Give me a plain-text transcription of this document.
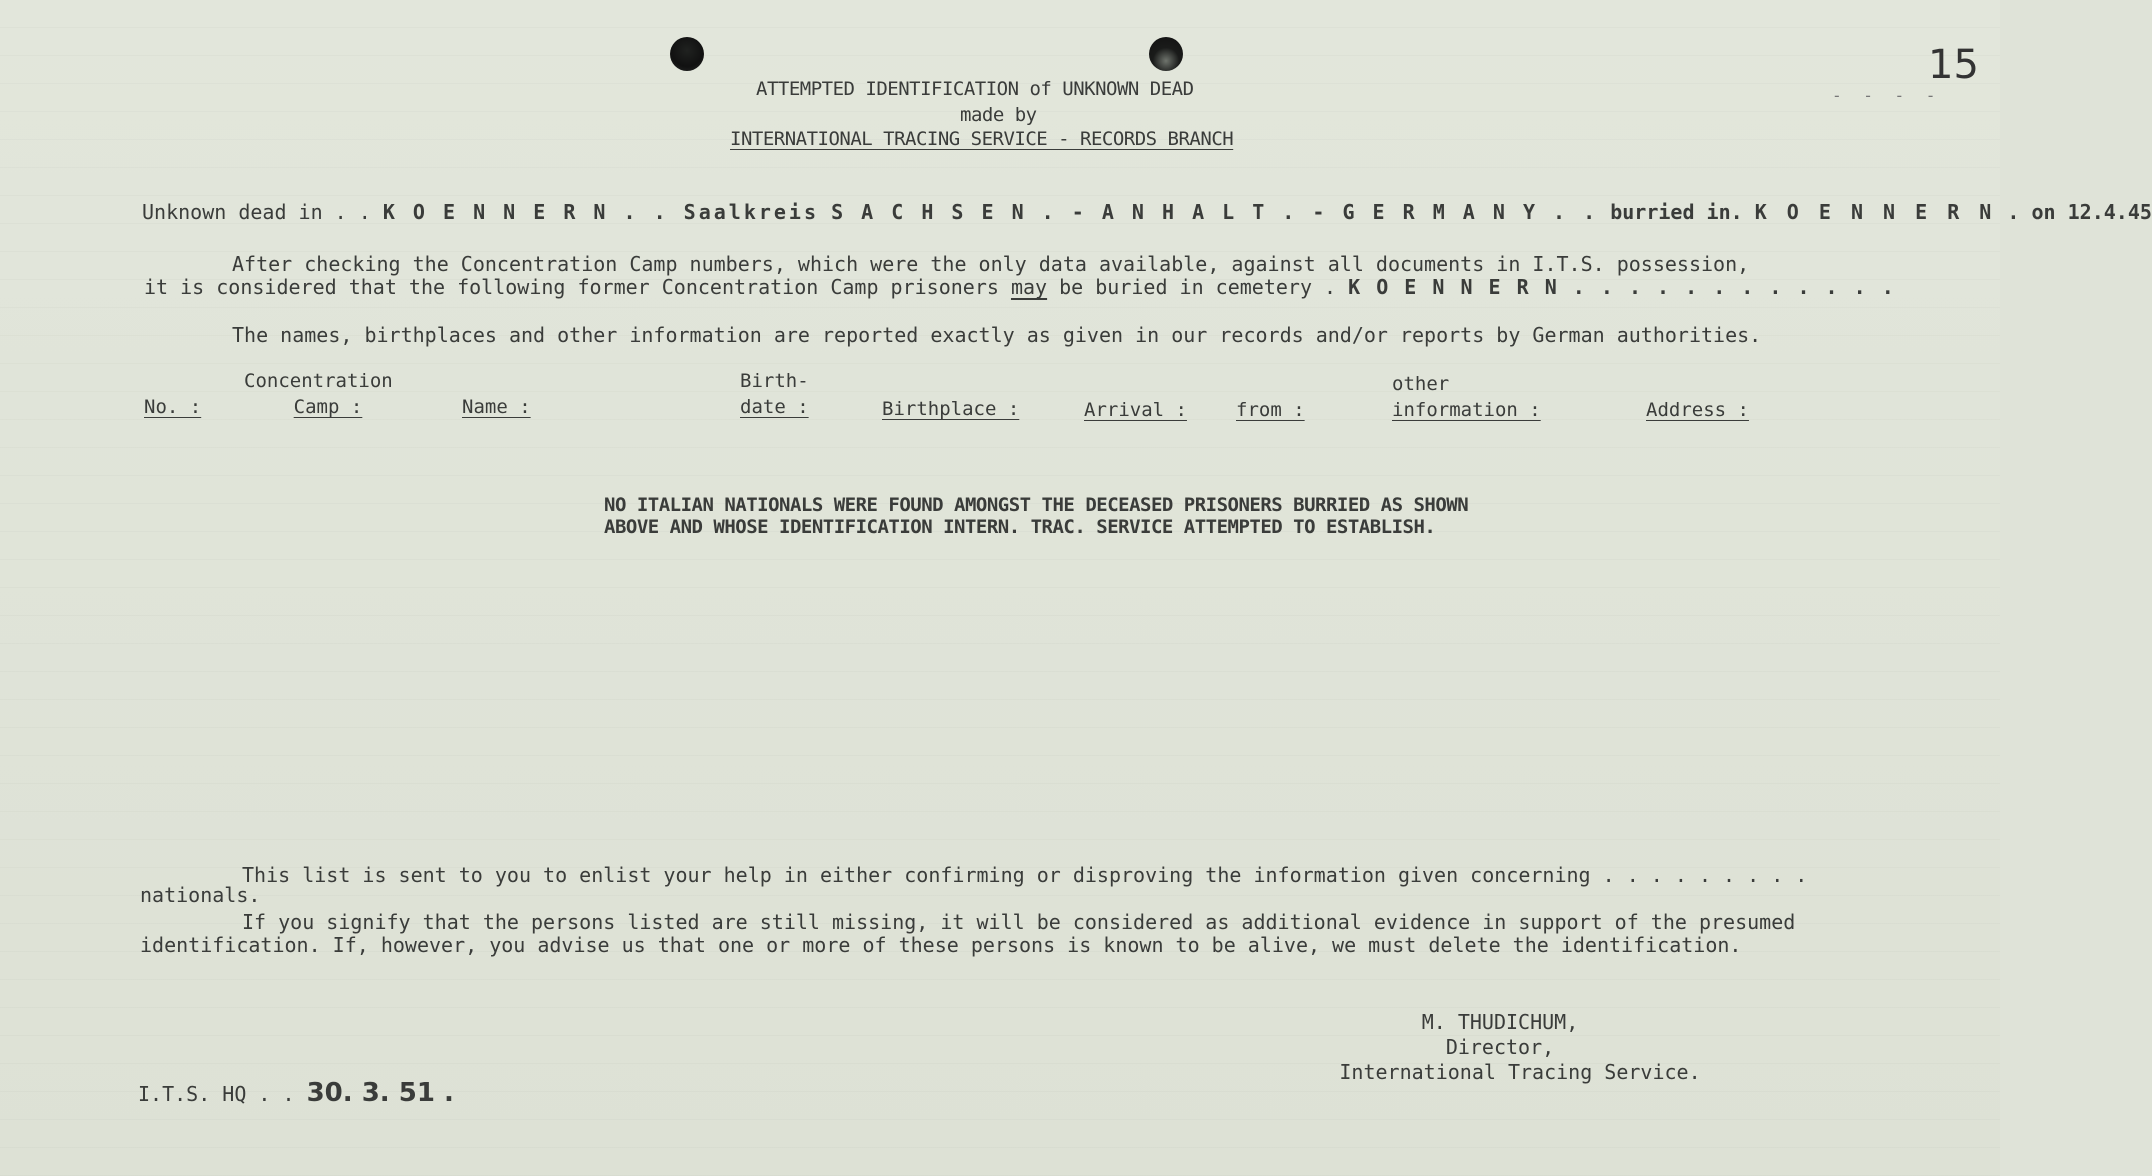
15
- - - -
ATTEMPTED IDENTIFICATION of UNKNOWN DEAD
made by
INTERNATIONAL TRACING SERVICE - RECORDS BRANCH
Unknown dead in . . K O E N N E R N . . Saalkreis S A C H S E N . - A N H A L T . - G E R M A N Y . . burried in. K O E N N E R N . on 12.4.45
After checking the Concentration Camp numbers, which were the only data available, against all documents in I.T.S. possession,
it is considered that the following former Concentration Camp prisoners may be buried in cemetery . K O E N N E R N . . . . . . . . . . . .
The names, birthplaces and other information are reported exactly as given in our records and/or reports by German authorities.
Concentration	Birth-	other
No. :	Camp :	Name :	date :	Birthplace :	Arrival :	from :	information :	Address :
NO ITALIAN NATIONALS WERE FOUND AMONGST THE DECEASED PRISONERS BURRIED AS SHOWN
ABOVE AND WHOSE IDENTIFICATION INTERN. TRAC. SERVICE ATTEMPTED TO ESTABLISH.
This list is sent to you to enlist your help in either confirming or disproving the information given concerning . . . . . . . . .
nationals.
If you signify that the persons listed are still missing, it will be considered as additional evidence in support of the presumed
identification. If, however, you advise us that one or more of these persons is known to be alive, we must delete the identification.
M. THUDICHUM,
Director,
International Tracing Service.
I.T.S. HQ . . 30. 3. 51 .
